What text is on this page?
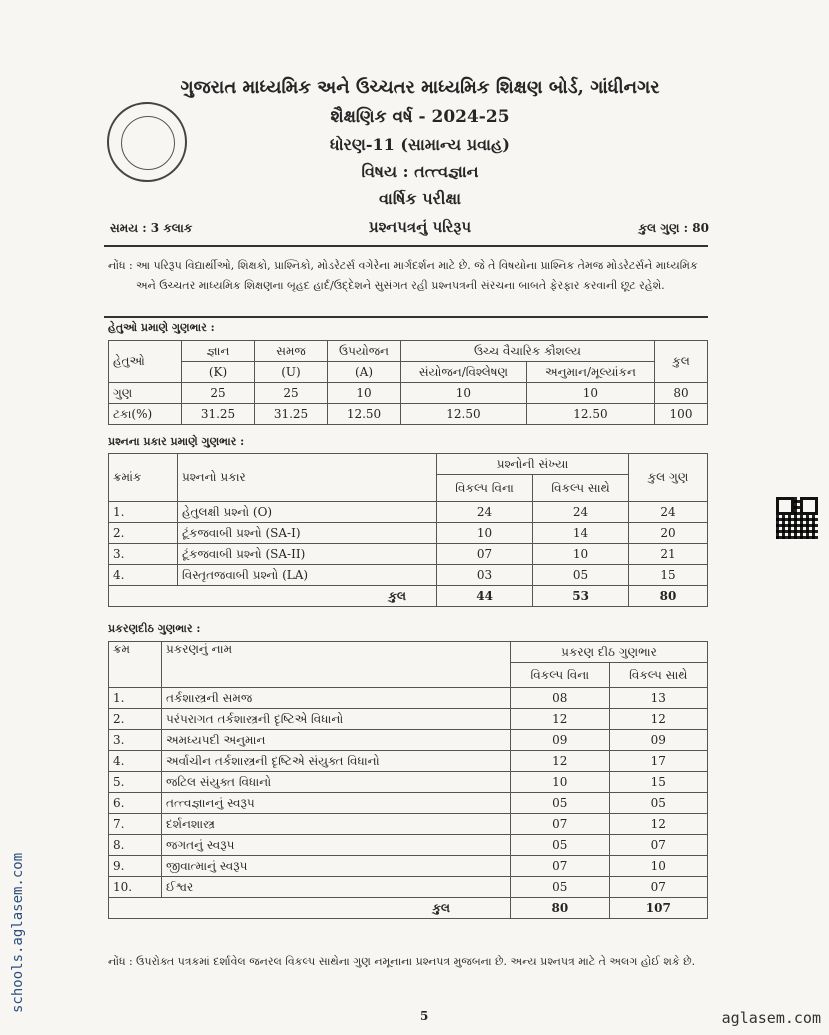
ગુજરાત માધ્યમિક અને ઉચ્ચતર માધ્યમિક શિક્ષણ બોર્ડ, ગાંધીનગર
શૈક્ષણિક વર્ષ - 2024-25
ધોરણ-11 (સામાન્ય પ્રવાહ)
વિષય : તત્ત્વજ્ઞાન
વાર્ષિક પરીક્ષા
સમય : 3 કલાક	પ્રશ્નપત્રનું પરિરૂપ	કુલ ગુણ : 80
નોંધ : આ પરિરૂપ વિદ્યાર્થીઓ, શિક્ષકો, પ્રાશ્નિકો, મોડરેટર્સ વગેરેના માર્ગદર્શન માટે છે. જે તે વિષયોના પ્રાશ્નિક તેમજ મોડરેટર્સને માધ્યમિક અને ઉચ્ચતર માધ્યમિક શિક્ષણના બૃહદ હાર્દ/ઉદ્દેશને સુસંગત રહી પ્રશ્નપત્રની સંરચના બાબતે ફેરફાર કરવાની છૂટ રહેશે.
હેતુઓ પ્રમાણે ગુણભાર :
હેતુઓ	જ્ઞાન	સમજ	ઉપયોજન	ઉચ્ચ વૈચારિક કૌશલ્ય		કુલ
	(K)	(U)	(A)	સંયોજન/વિશ્લેષણ	અનુમાન/મૂલ્યાંકન	
ગુણ	25	25	10	10	10	80
ટકા(%)	31.25	31.25	12.50	12.50	12.50	100
પ્રશ્નના પ્રકાર પ્રમાણે ગુણભાર :
ક્રમાંક	પ્રશ્નનો પ્રકાર	પ્રશ્નોની સંખ્યા		કુલ ગુણ
		વિકલ્પ વિના	વિકલ્પ સાથે	
1.	હેતુલક્ષી પ્રશ્નો (O)	24	24	24
2.	ટૂંકજવાબી પ્રશ્નો (SA-I)	10	14	20
3.	ટૂંકજવાબી પ્રશ્નો (SA-II)	07	10	21
4.	વિસ્તૃતજવાબી પ્રશ્નો (LA)	03	05	15
કુલ		44	53	80
પ્રકરણદીઠ ગુણભાર :
ક્રમ	પ્રકરણનું નામ	પ્રકરણ દીઠ ગુણભાર	
		વિકલ્પ વિના	વિકલ્પ સાથે
1.	તર્કશાસ્ત્રની સમજ	08	13
2.	પરંપરાગત તર્કશાસ્ત્રની દૃષ્ટિએ વિધાનો	12	12
3.	અમધ્યપદી અનુમાન	09	09
4.	અર્વાચીન તર્કશાસ્ત્રની દૃષ્ટિએ સંયુક્ત વિધાનો	12	17
5.	જટિલ સંયુક્ત વિધાનો	10	15
6.	તત્ત્વજ્ઞાનનું સ્વરૂપ	05	05
7.	દર્શનશાસ્ત્ર	07	12
8.	જગતનું સ્વરૂપ	05	07
9.	જીવાત્માનું સ્વરૂપ	07	10
10.	ઈશ્વર	05	07
કુલ		80	107
નોંધ : ઉપરોક્ત પત્રકમાં દર્શાવેલ જનરલ વિકલ્પ સાથેના ગુણ નમૂનાના પ્રશ્નપત્ર મુજબના છે. અન્ય પ્રશ્નપત્ર માટે તે અલગ હોઈ શકે છે.
schools.aglasem.com
5	aglasem.com
